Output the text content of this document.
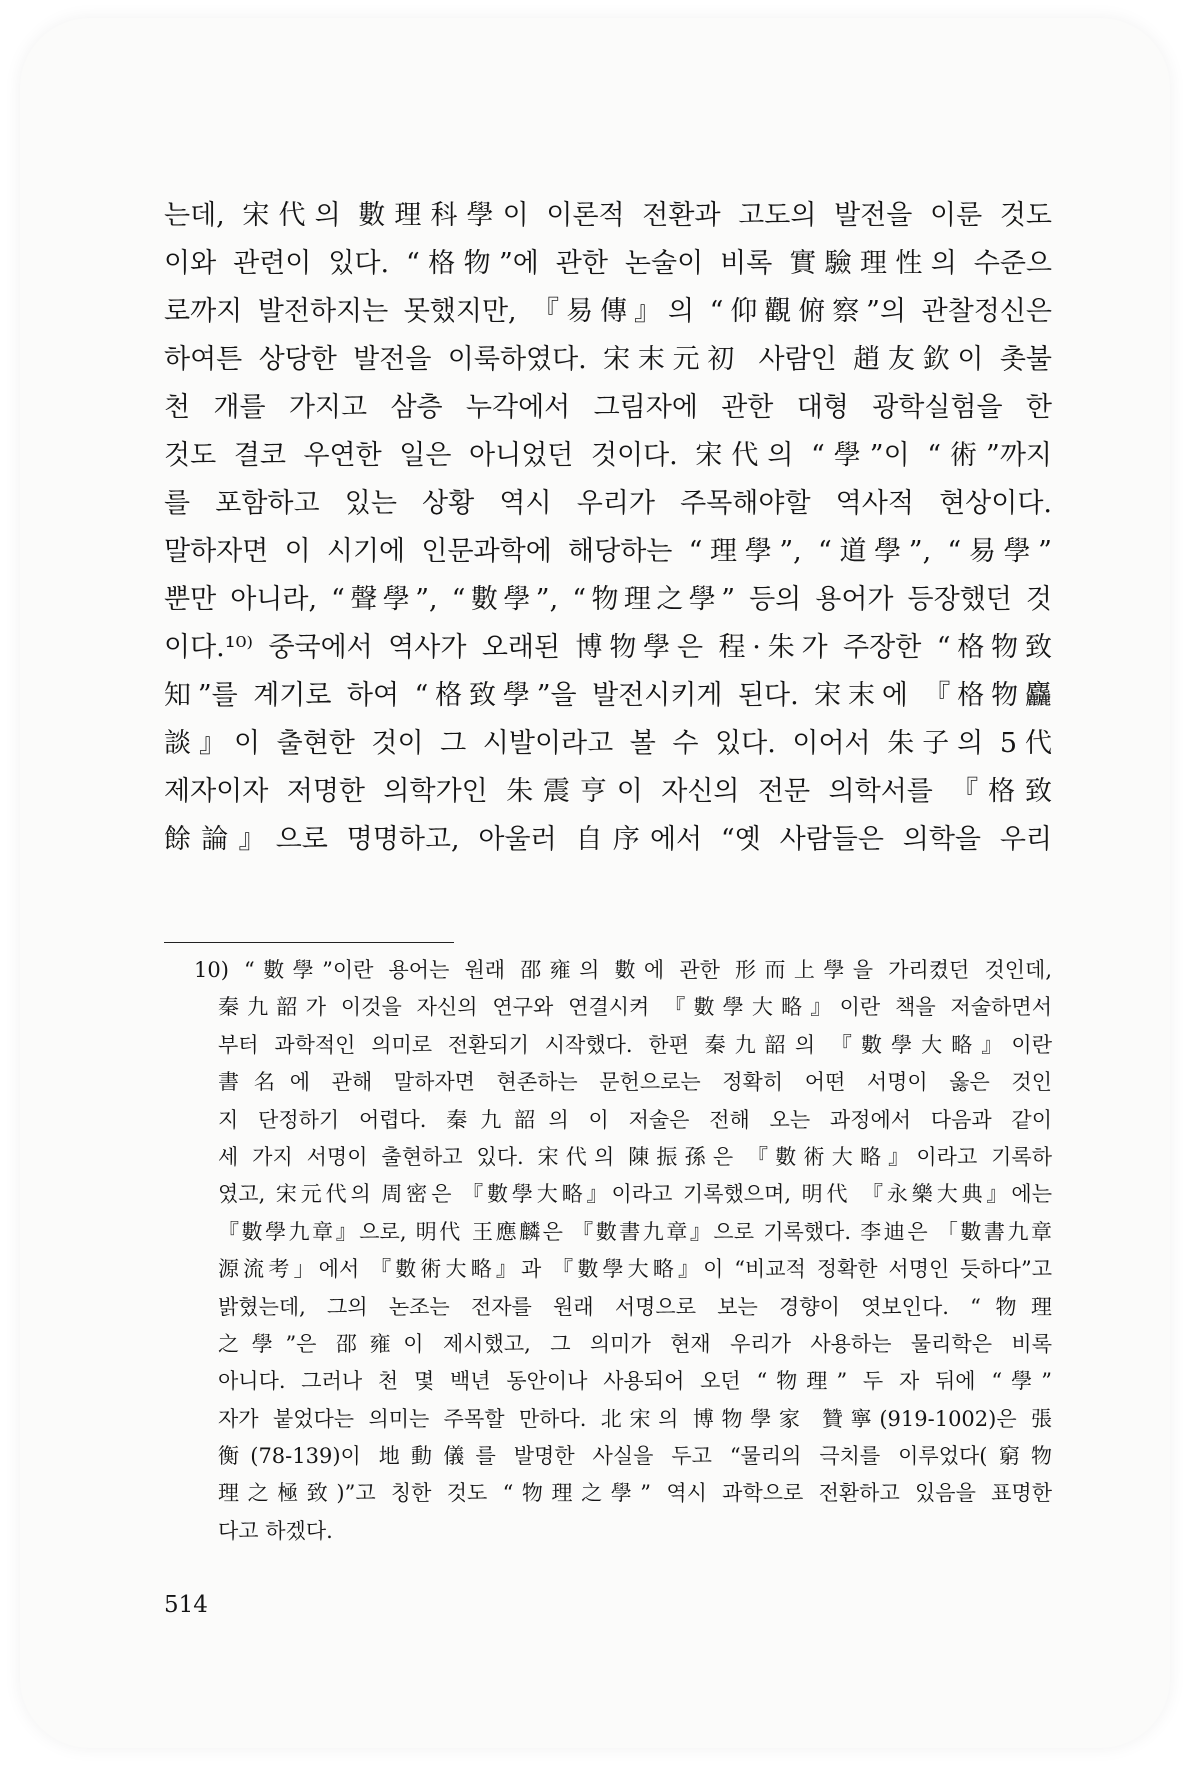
는데, 宋代의 數理科學이 이론적 전환과 고도의 발전을 이룬 것도
이와 관련이 있다. “格物”에 관한 논술이 비록 實驗理性의 수준으
로까지 발전하지는 못했지만, 『易傳』의 “仰觀俯察”의 관찰정신은
하여튼 상당한 발전을 이룩하였다. 宋末元初 사람인 趙友欽이 촛불
천 개를 가지고 삼층 누각에서 그림자에 관한 대형 광학실험을 한
것도 결코 우연한 일은 아니었던 것이다. 宋代의 “學”이 “術”까지
를 포함하고 있는 상황 역시 우리가 주목해야할 역사적 현상이다.
말하자면 이 시기에 인문과학에 해당하는 “理學”, “道學”, “易學”
뿐만 아니라, “聲學”, “數學”, “物理之學” 등의 용어가 등장했던 것
이다.¹⁰⁾ 중국에서 역사가 오래된 博物學은 程·朱가 주장한 “格物致
知”를 계기로 하여 “格致學”을 발전시키게 된다. 宋末에 『格物麤
談』이 출현한 것이 그 시발이라고 볼 수 있다. 이어서 朱子의 5代
제자이자 저명한 의학가인 朱震亨이 자신의 전문 의학서를 『格致
餘論』으로 명명하고, 아울러 自序에서 “옛 사람들은 의학을 우리
10) “數學”이란 용어는 원래 邵雍의 數에 관한 形而上學을 가리켰던 것인데,
秦九韶가 이것을 자신의 연구와 연결시켜 『數學大略』이란 책을 저술하면서
부터 과학적인 의미로 전환되기 시작했다. 한편 秦九韶의 『數學大略』이란
書名에 관해 말하자면 현존하는 문헌으로는 정확히 어떤 서명이 옳은 것인
지 단정하기 어렵다. 秦九韶의 이 저술은 전해 오는 과정에서 다음과 같이
세 가지 서명이 출현하고 있다. 宋代의 陳振孫은 『數術大略』이라고 기록하
였고, 宋元代의 周密은 『數學大略』이라고 기록했으며, 明代 『永樂大典』에는
『數學九章』으로, 明代 王應麟은 『數書九章』으로 기록했다. 李迪은 「數書九章
源流考」에서 『數術大略』과 『數學大略』이 “비교적 정확한 서명인 듯하다”고
밝혔는데, 그의 논조는 전자를 원래 서명으로 보는 경향이 엿보인다. “物理
之學”은 邵雍이 제시했고, 그 의미가 현재 우리가 사용하는 물리학은 비록
아니다. 그러나 천 몇 백년 동안이나 사용되어 오던 “物理” 두 자 뒤에 “學”
자가 붙었다는 의미는 주목할 만하다. 北宋의 博物學家 贊寧(919-1002)은 張
衡(78-139)이 地動儀를 발명한 사실을 두고 “물리의 극치를 이루었다(窮物
理之極致)”고 칭한 것도 “物理之學” 역시 과학으로 전환하고 있음을 표명한
다고 하겠다.
514
